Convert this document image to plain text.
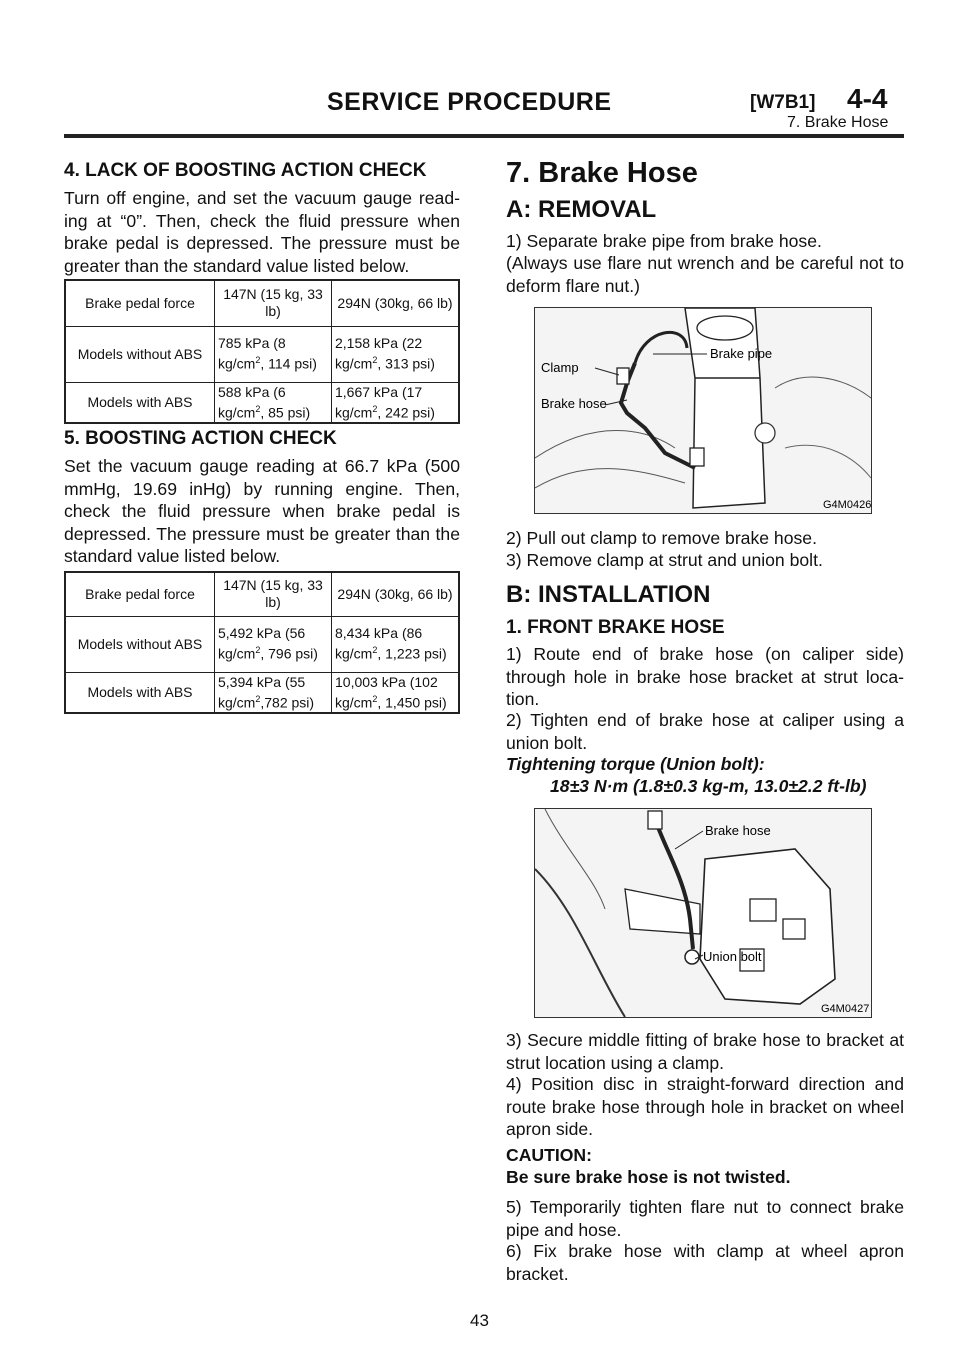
SERVICE PROCEDURE	[W7B1] 4-4
7. Brake Hose
4. LACK OF BOOSTING ACTION CHECK
Turn off engine, and set the vacuum gauge read- ing at “0”. Then, check the fluid pressure when brake pedal is depressed. The pressure must be greater than the standard value listed below.
Brake pedal force	147N (15 kg, 33 lb)	294N (30kg, 66 lb)
Models without ABS	785 kPa (8 $kg/cm^2$, 114 psi)	2,158 kPa (22 $kg/cm^2$, 313 psi)
Models with ABS	588 kPa (6 $kg/cm^2$, 85 psi)	1,667 kPa (17 $kg/cm^2$, 242 psi)
5. BOOSTING ACTION CHECK
Set the vacuum gauge reading at 66.7 kPa (500 mmHg, 19.69 inHg) by running engine. Then, check the fluid pressure when brake pedal is depressed. The pressure must be greater than the standard value listed below.
Brake pedal force	147N (15 kg, 33 lb)	294N (30kg, 66 lb)
Models without ABS	5,492 kPa (56 $kg/cm^2$, 796 psi)	8,434 kPa (86 $kg/cm^2$, 1,223 psi)
Models with ABS	5,394 kPa (55 $kg/cm^2,782$ psi)	10,003 kPa (102 $kg/cm^2$, 1,450 psi)
7. Brake Hose
A: REMOVAL
1) Separate brake pipe from brake hose.
(Always use flare nut wrench and be careful not to deform flare nut.)
Clamp
Brake hose
Brake pipe
G4M0426
2) Pull out clamp to remove brake hose.
3) Remove clamp at strut and union bolt.
B: INSTALLATION
1. FRONT BRAKE HOSE
1) Route end of brake hose (on caliper side) through hole in brake hose bracket at strut loca- tion.
2) Tighten end of brake hose at caliper using a union bolt.
Tightening torque (Union bolt):
18±3 N·m (1.8±0.3 kg-m, 13.0±2.2 ft-lb)
Brake hose
Union bolt
G4M0427
3) Secure middle fitting of brake hose to bracket at strut location using a clamp.
4) Position disc in straight-forward direction and route brake hose through hole in bracket on wheel apron side.
CAUTION:
Be sure brake hose is not twisted.
5) Temporarily tighten flare nut to connect brake pipe and hose.
6) Fix brake hose with clamp at wheel apron bracket.
43
